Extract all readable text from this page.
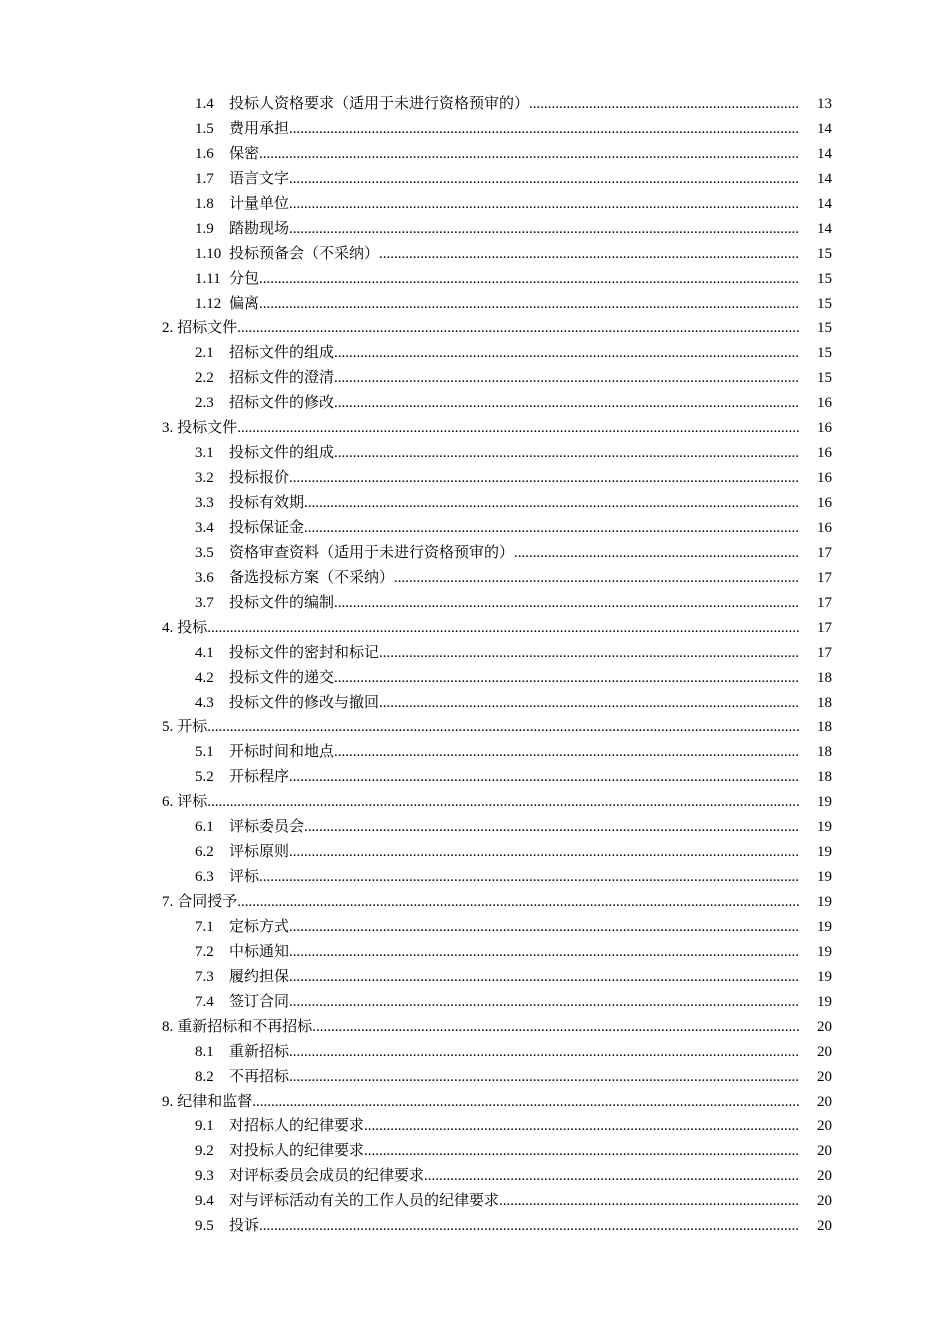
1.4	投标人资格要求（适用于未进行资格预审的） .....	13
1.5	费用承担 .....	14
1.6	保密 .....	14
1.7	语言文字 .....	14
1.8	计量单位 .....	14
1.9	踏勘现场 .....	14
1.10 投标预备会（不采纳） .....	15
1.11 分包 .....	15
1.12 偏离 .....	15
2. 招标文件 .....	15
2.1	招标文件的组成 .....	15
2.2	招标文件的澄清 .....	15
2.3	招标文件的修改 .....	16
3. 投标文件 .....	16
3.1	投标文件的组成 .....	16
3.2	投标报价 .....	16
3.3	投标有效期 .....	16
3.4	投标保证金 .....	16
3.5	资格审查资料（适用于未进行资格预审的） .....	17
3.6	备选投标方案（不采纳） .....	17
3.7	投标文件的编制 .....	17
4. 投标 .....	17
4.1	投标文件的密封和标记 .....	17
4.2	投标文件的递交 .....	18
4.3	投标文件的修改与撤回 .....	18
5. 开标 .....	18
5.1	开标时间和地点 .....	18
5.2	开标程序 .....	18
6. 评标 .....	19
6.1	评标委员会 .....	19
6.2	评标原则 .....	19
6.3	评标 .....	19
7. 合同授予 .....	19
7.1	定标方式 .....	19
7.2	中标通知 .....	19
7.3	履约担保 .....	19
7.4	签订合同 .....	19
8. 重新招标和不再招标 .....	20
8.1	重新招标 .....	20
8.2	不再招标 .....	20
9. 纪律和监督 .....	20
9.1	对招标人的纪律要求 .....	20
9.2	对投标人的纪律要求 .....	20
9.3	对评标委员会成员的纪律要求 .....	20
9.4	对与评标活动有关的工作人员的纪律要求 .....	20
9.5	投诉 .....	20
